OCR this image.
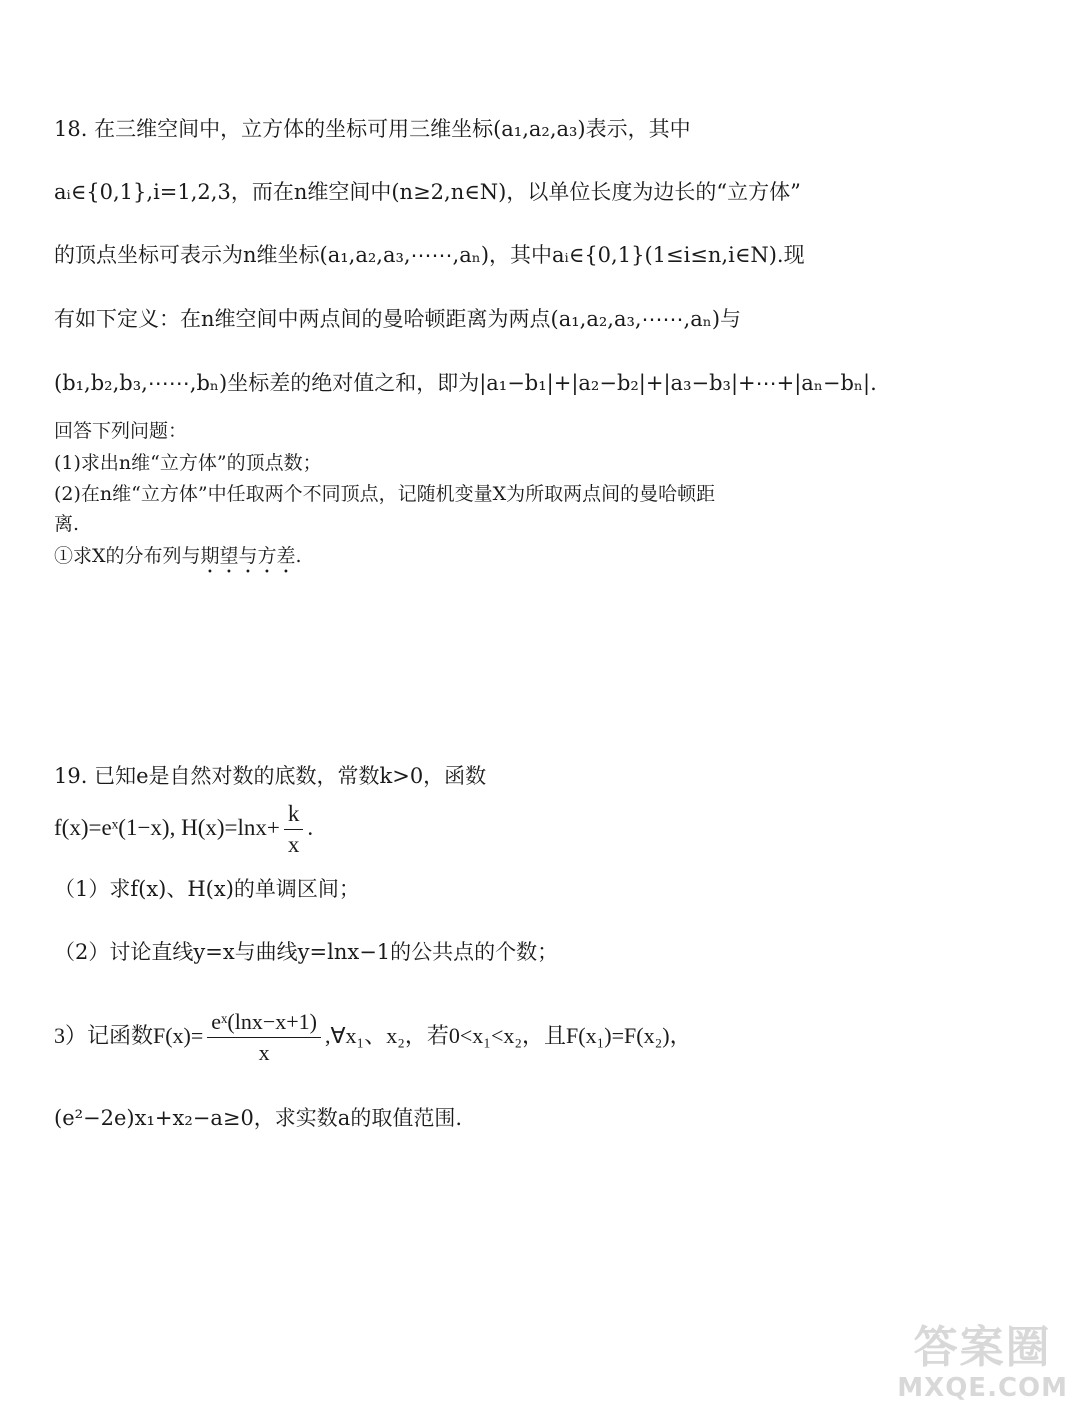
18. 在三维空间中，立方体的坐标可用三维坐标(a₁,a₂,a₃)表示，其中
aᵢ∈{0,1},i=1,2,3，而在n维空间中(n≥2,n∈N)，以单位长度为边长的“立方体”
的顶点坐标可表示为n维坐标(a₁,a₂,a₃,⋯⋯,aₙ)，其中aᵢ∈{0,1}(1≤i≤n,i∈N).现
有如下定义：在n维空间中两点间的曼哈顿距离为两点(a₁,a₂,a₃,⋯⋯,aₙ)与
(b₁,b₂,b₃,⋯⋯,bₙ)坐标差的绝对值之和，即为|a₁−b₁|+|a₂−b₂|+|a₃−b₃|+⋯+|aₙ−bₙ|.
回答下列问题：
(1)求出n维“立方体”的顶点数；
(2)在n维“立方体”中任取两个不同顶点，记随机变量X为所取两点间的曼哈顿距
离.
①求X的分布列与期望与方差.
19. 已知e是自然对数的底数，常数k>0，函数
f(x)=eˣ(1−x), $H(x)=\ln x+ \frac{k}{x}$ .
（1）求f(x)、H(x)的单调区间；
（2）讨论直线y=x与曲线y=lnx−1的公共点的个数；
3）记函数$F(x)= \frac{\text{eˣ(lnx−x+1)}}{x}$ ,∀x₁、x₂，若0<x₁<x₂，且F(x₁)=F(x₂)，
(e²−2e)x₁+x₂−a≥0，求实数a的取值范围.
答案圈
MXQE.COM
